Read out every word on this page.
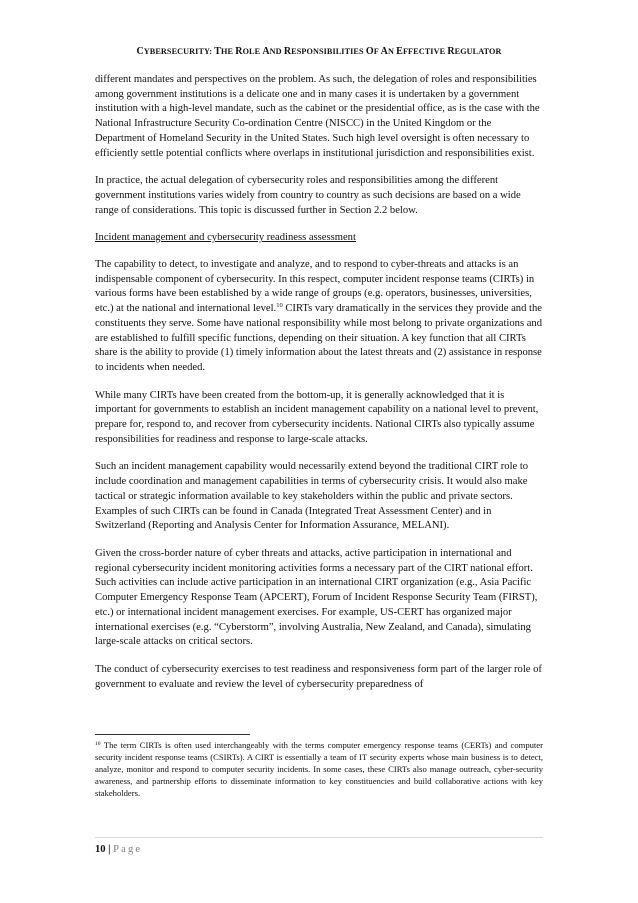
CYBERSECURITY: THE ROLE AND RESPONSIBILITIES OF AN EFFECTIVE REGULATOR

different mandates and perspectives on the problem. As such, the delegation of roles and responsibilities among government institutions is a delicate one and in many cases it is undertaken by a government institution with a high-level mandate, such as the cabinet or the presidential office, as is the case with the National Infrastructure Security Co-ordination Centre (NISCC) in the United Kingdom or the Department of Homeland Security in the United States. Such high level oversight is often necessary to efficiently settle potential conflicts where overlaps in institutional jurisdiction and responsibilities exist.

In practice, the actual delegation of cybersecurity roles and responsibilities among the different government institutions varies widely from country to country as such decisions are based on a wide range of considerations. This topic is discussed further in Section 2.2 below.

Incident management and cybersecurity readiness assessment

The capability to detect, to investigate and analyze, and to respond to cyber-threats and attacks is an indispensable component of cybersecurity. In this respect, computer incident response teams (CIRTs) in various forms have been established by a wide range of groups (e.g. operators, businesses, universities, etc.) at the national and international level.$^{10}$ CIRTs vary dramatically in the services they provide and the constituents they serve. Some have national responsibility while most belong to private organizations and are established to fulfill specific functions, depending on their situation. A key function that all CIRTs share is the ability to provide (1) timely information about the latest threats and (2) assistance in response to incidents when needed.

While many CIRTs have been created from the bottom-up, it is generally acknowledged that it is important for governments to establish an incident management capability on a national level to prevent, prepare for, respond to, and recover from cybersecurity incidents. National CIRTs also typically assume responsibilities for readiness and response to large-scale attacks.

Such an incident management capability would necessarily extend beyond the traditional CIRT role to include coordination and management capabilities in terms of cybersecurity crisis. It would also make tactical or strategic information available to key stakeholders within the public and private sectors. Examples of such CIRTs can be found in Canada (Integrated Treat Assessment Center) and in Switzerland (Reporting and Analysis Center for Information Assurance, MELANI).

Given the cross-border nature of cyber threats and attacks, active participation in international and regional cybersecurity incident monitoring activities forms a necessary part of the CIRT national effort. Such activities can include active participation in an international CIRT organization (e.g., Asia Pacific Computer Emergency Response Team (APCERT), Forum of Incident Response Security Team (FIRST), etc.) or international incident management exercises. For example, US-CERT has organized major international exercises (e.g. “Cyberstorm”, involving Australia, New Zealand, and Canada), simulating large-scale attacks on critical sectors.

The conduct of cybersecurity exercises to test readiness and responsiveness form part of the larger role of government to evaluate and review the level of cybersecurity preparedness of

$^{10}$ The term CIRTs is often used interchangeably with the terms computer emergency response teams (CERTs) and computer security incident response teams (CSIRTs). A CIRT is essentially a team of IT security experts whose main business is to detect, analyze, monitor and respond to computer security incidents. In some cases, these CIRTs also manage outreach, cyber-security awareness, and partnership efforts to disseminate information to key constituencies and build collaborative actions with key stakeholders.
10 | Page
